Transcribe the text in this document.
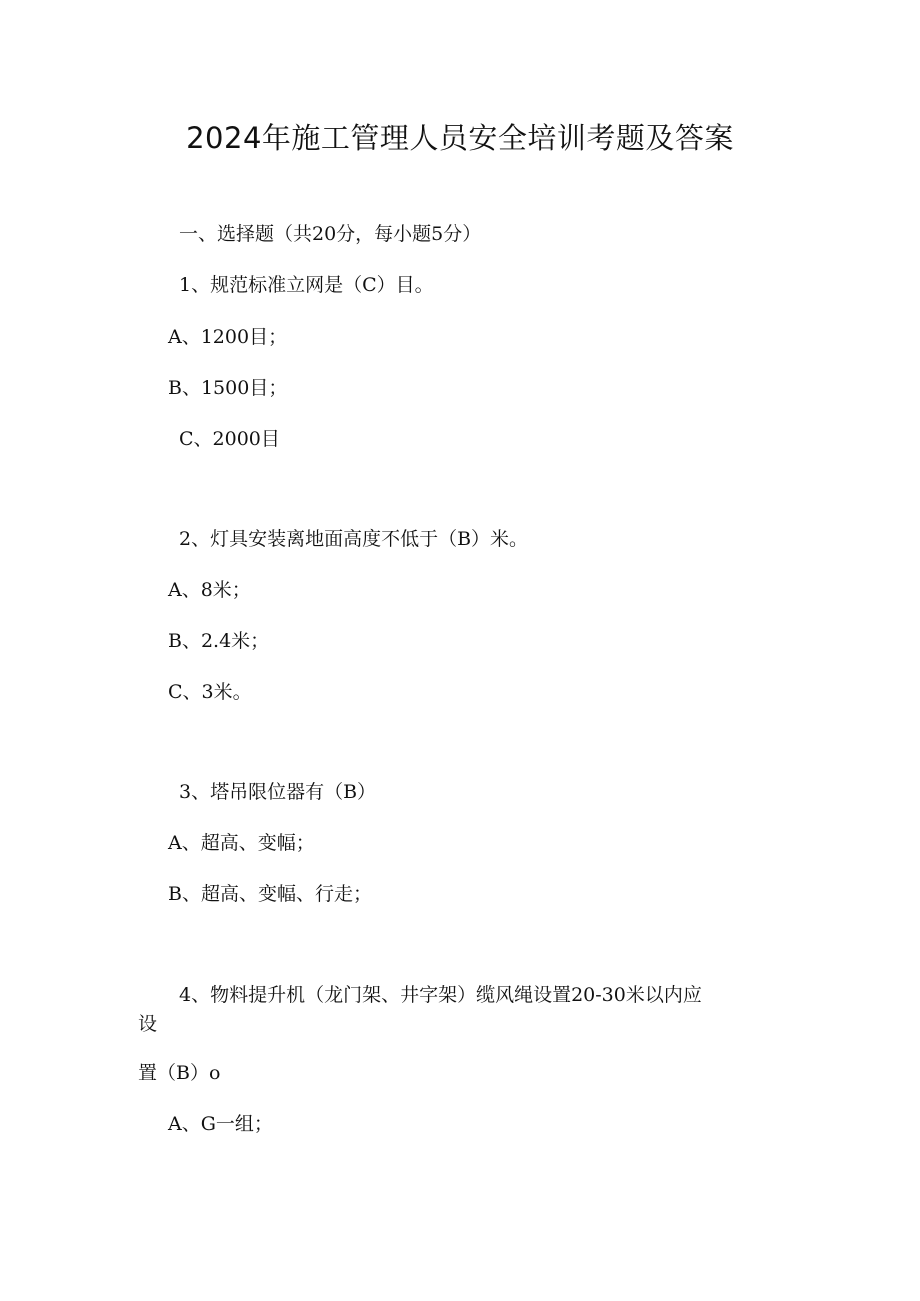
2024年施工管理人员安全培训考题及答案
一、选择题（共20分，每小题5分）
1、规范标准立网是（C）目。
A、1200目；
B、1500目；
C、2000目
2、灯具安装离地面高度不低于（B）米。
A、8米；
B、2.4米；
C、3米。
3、塔吊限位器有（B）
A、超高、变幅；
B、超高、变幅、行走；
4、物料提升机（龙门架、井字架）缆风绳设置20-30米以内应
设
置（B）o
A、G一组；
